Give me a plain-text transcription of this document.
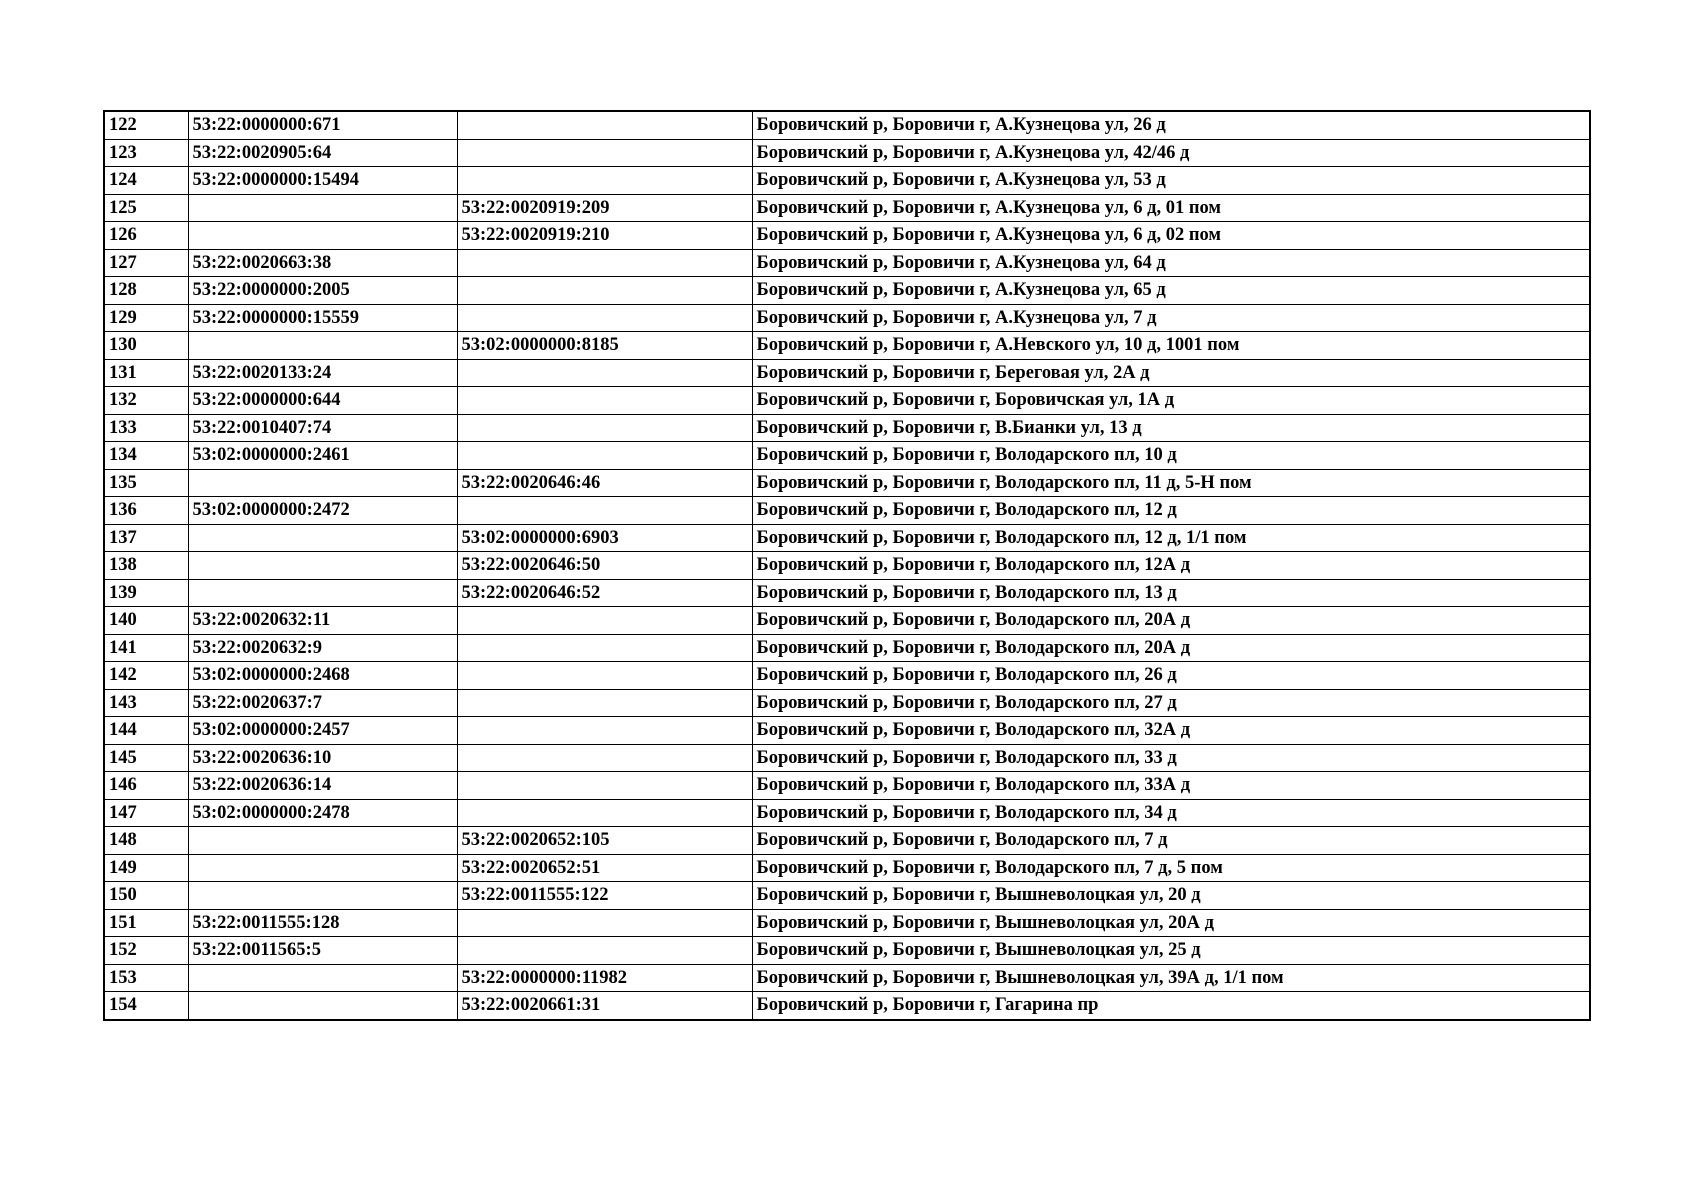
122	53:22:0000000:671		Боровичский р, Боровичи г, А.Кузнецова ул, 26 д
123	53:22:0020905:64		Боровичский р, Боровичи г, А.Кузнецова ул, 42/46 д
124	53:22:0000000:15494		Боровичский р, Боровичи г, А.Кузнецова ул, 53 д
125		53:22:0020919:209	Боровичский р, Боровичи г, А.Кузнецова ул, 6 д, 01 пом
126		53:22:0020919:210	Боровичский р, Боровичи г, А.Кузнецова ул, 6 д, 02 пом
127	53:22:0020663:38		Боровичский р, Боровичи г, А.Кузнецова ул, 64 д
128	53:22:0000000:2005		Боровичский р, Боровичи г, А.Кузнецова ул, 65 д
129	53:22:0000000:15559		Боровичский р, Боровичи г, А.Кузнецова ул, 7 д
130		53:02:0000000:8185	Боровичский р, Боровичи г, А.Невского ул, 10 д, 1001 пом
131	53:22:0020133:24		Боровичский р, Боровичи г, Береговая ул, 2А д
132	53:22:0000000:644		Боровичский р, Боровичи г, Боровичская ул, 1А д
133	53:22:0010407:74		Боровичский р, Боровичи г, В.Бианки ул, 13 д
134	53:02:0000000:2461		Боровичский р, Боровичи г, Володарского пл, 10 д
135		53:22:0020646:46	Боровичский р, Боровичи г, Володарского пл, 11 д, 5-Н пом
136	53:02:0000000:2472		Боровичский р, Боровичи г, Володарского пл, 12 д
137		53:02:0000000:6903	Боровичский р, Боровичи г, Володарского пл, 12 д, 1/1 пом
138		53:22:0020646:50	Боровичский р, Боровичи г, Володарского пл, 12А д
139		53:22:0020646:52	Боровичский р, Боровичи г, Володарского пл, 13 д
140	53:22:0020632:11		Боровичский р, Боровичи г, Володарского пл, 20А д
141	53:22:0020632:9		Боровичский р, Боровичи г, Володарского пл, 20А д
142	53:02:0000000:2468		Боровичский р, Боровичи г, Володарского пл, 26 д
143	53:22:0020637:7		Боровичский р, Боровичи г, Володарского пл, 27 д
144	53:02:0000000:2457		Боровичский р, Боровичи г, Володарского пл, 32А д
145	53:22:0020636:10		Боровичский р, Боровичи г, Володарского пл, 33 д
146	53:22:0020636:14		Боровичский р, Боровичи г, Володарского пл, 33А д
147	53:02:0000000:2478		Боровичский р, Боровичи г, Володарского пл, 34 д
148		53:22:0020652:105	Боровичский р, Боровичи г, Володарского пл, 7 д
149		53:22:0020652:51	Боровичский р, Боровичи г, Володарского пл, 7 д, 5 пом
150		53:22:0011555:122	Боровичский р, Боровичи г, Вышневолоцкая ул, 20 д
151	53:22:0011555:128		Боровичский р, Боровичи г, Вышневолоцкая ул, 20А д
152	53:22:0011565:5		Боровичский р, Боровичи г, Вышневолоцкая ул, 25 д
153		53:22:0000000:11982	Боровичский р, Боровичи г, Вышневолоцкая ул, 39А д, 1/1 пом
154		53:22:0020661:31	Боровичский р, Боровичи г, Гагарина пр
